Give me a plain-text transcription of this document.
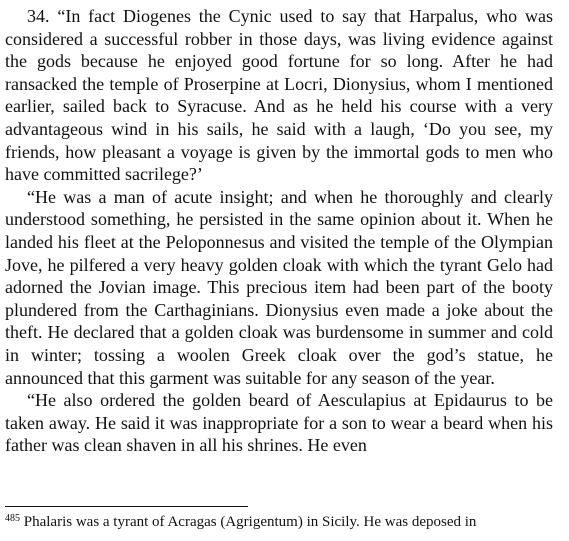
34. “In fact Diogenes the Cynic used to say that Harpalus, who was considered a successful robber in those days, was living evidence against the gods because he enjoyed good fortune for so long. After he had ransacked the temple of Proserpine at Locri, Dionysius, whom I mentioned earlier, sailed back to Syracuse. And as he held his course with a very advantageous wind in his sails, he said with a laugh, ‘Do you see, my friends, how pleasant a voyage is given by the immortal gods to men who have committed sacrilege?’

“He was a man of acute insight; and when he thoroughly and clearly understood something, he persisted in the same opinion about it. When he landed his fleet at the Peloponnesus and visited the temple of the Olympian Jove, he pilfered a very heavy golden cloak with which the tyrant Gelo had adorned the Jovian image. This precious item had been part of the booty plundered from the Carthaginians. Dionysius even made a joke about the theft. He declared that a golden cloak was burdensome in summer and cold in winter; tossing a woolen Greek cloak over the god’s statue, he announced that this garment was suitable for any season of the year.

“He also ordered the golden beard of Aesculapius at Epidaurus to be taken away. He said it was inappropriate for a son to wear a beard when his father was clean shaven in all his shrines. He even

$^{485}$ Phalaris was a tyrant of Acragas (Agrigentum) in Sicily. He was deposed in
